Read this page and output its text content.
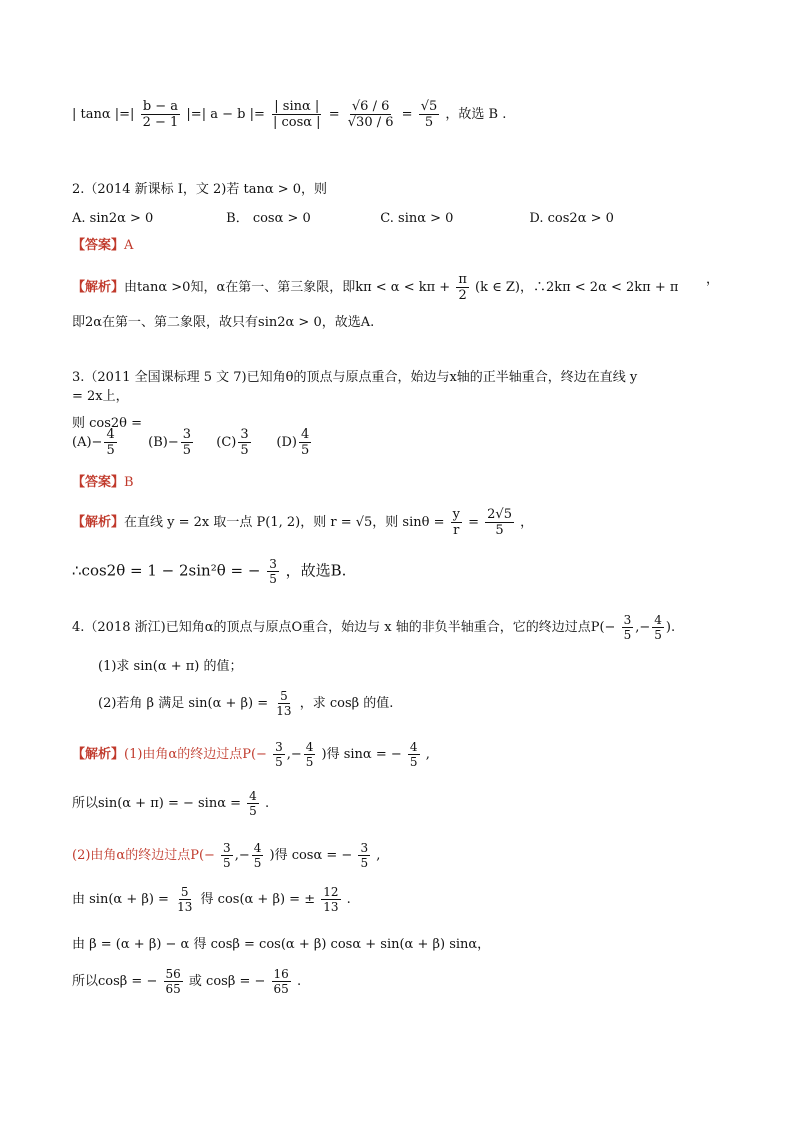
| tanα |=| $\frac{b - a}{2 - 1}$ |=| a − b |= $\frac{| \sin\alpha |}{| \cos\alpha |} = \frac{√6 / 6}{√30 / 6} = \frac{√5}{5}$ ，故选 B .
2.（2014 新课标 I，文 2)若 tanα > 0，则
A. sin2α > 0	B． cosα > 0	C. sinα > 0	D. cos2α > 0
【答案】A
【解析】由tanα >0知，α在第一、第三象限，即$k\pi < \alpha < k\pi + \frac{\pi}{2} (k$ ∈ Z)，∴2kπ < 2α < 2kπ + π
，
即2α在第一、第二象限，故只有sin2α > 0，故选A.
3.（2011 全国课标理 5 文 7)已知角θ的顶点与原点重合，始边与x轴的正半轴重合，终边在直线 y
= 2x上，
则 cos2θ =
$(A)- \frac{4}{5} (B)- \frac{3}{5} (C) \frac{3}{5} (D) \frac{4}{5}$
【答案】B
【解析】在直线 y = 2x 取一点 P(1, 2)，则 r = √5，则 $\sin\theta = \frac{y}{r} = \frac{2√5}{5}$ ，
∴cos2θ = 1 − 2sin²θ = − $\frac{3}{5}$ ，故选B.
4.（2018 浙江)已知角α的顶点与原点O重合，始边与 x 轴的非负半轴重合，它的终边过点$P(- \frac{3}{5}$ ,− $\frac{4}{5}$ ).
(1)求 sin(α + π) 的值；
(2)若角 β 满足 $\sin(\alpha + \beta) = \frac{5}{13}$ ，求 cosβ 的值.
【解析】(1)由角α的终边过点$P(- \frac{3}{5}$ ,− $\frac{4}{5}$ )得 sinα = − $\frac{4}{5}$ ,
所以sin(α + π) = − $\sin\alpha = \frac{4}{5}$ .
(2)由角α的终边过点$P(- \frac{3}{5}$ ,− $\frac{4}{5}$ )得 cosα = − $\frac{3}{5}$ ,
由 $\sin(\alpha + \beta) = \frac{5}{13}$ 得 cos(α + β) = ± $\frac{12}{13}$ .
由 β = (α + β) − α 得 cosβ = cos(α + β) cosα + sin(α + β) sinα，
所以cosβ = − $\frac{56}{65}$ 或 cosβ = − $\frac{16}{65}$ .
